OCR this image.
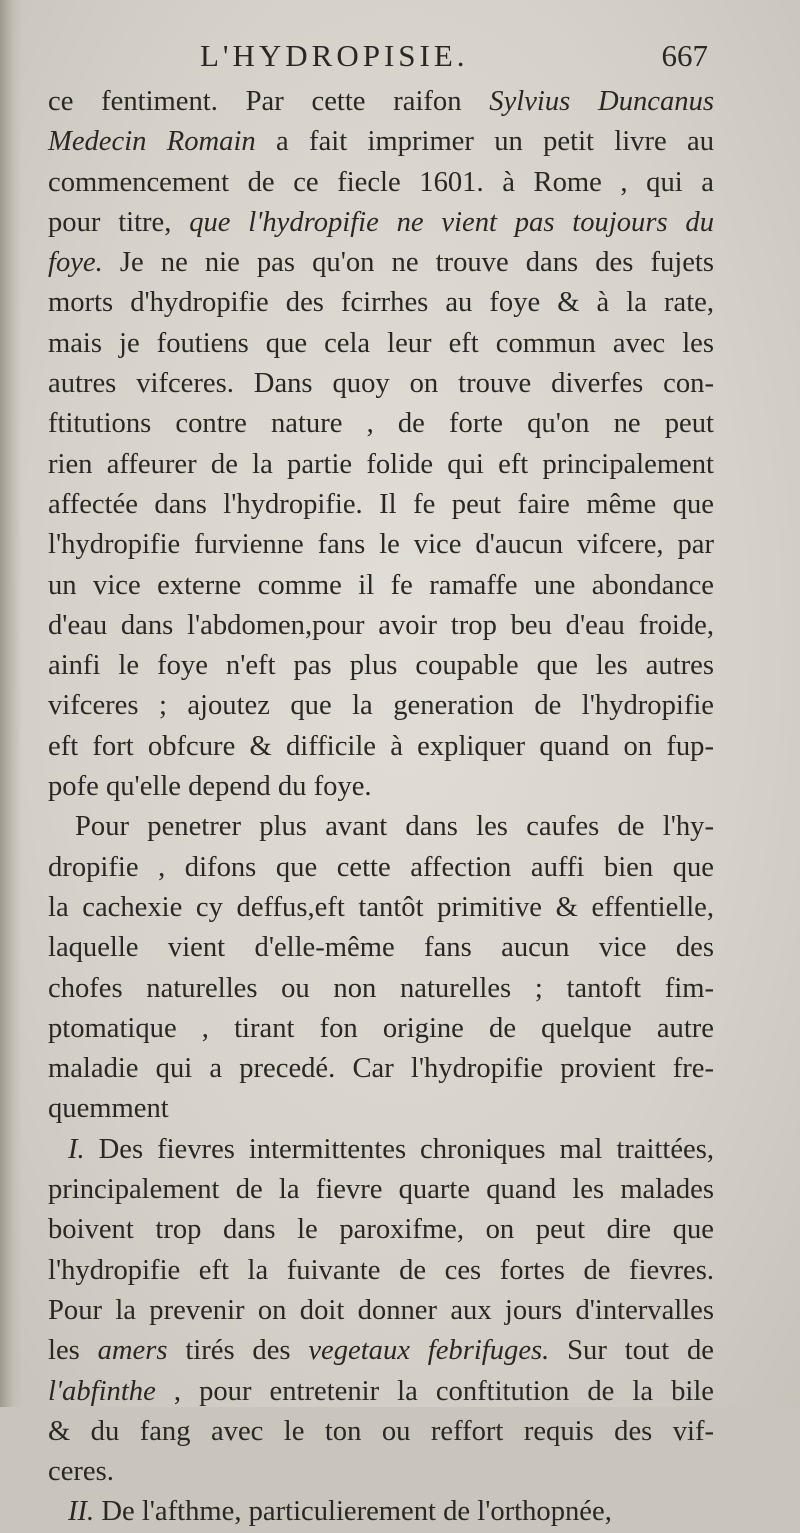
L'HYDROPISIE.	667
ce fentiment. Par cette raifon Sylvius Duncanus
Medecin Romain a fait imprimer un petit livre au
commencement de ce fiecle 1601. à Rome , qui a
pour titre, que l'hydropifie ne vient pas toujours du
foye. Je ne nie pas qu'on ne trouve dans des fujets
morts d'hydropifie des fcirrhes au foye & à la rate,
mais je foutiens que cela leur eft commun avec les
autres vifceres. Dans quoy on trouve diverfes con-
ftitutions contre nature , de forte qu'on ne peut
rien affeurer de la partie folide qui eft principalement
affectée dans l'hydropifie. Il fe peut faire même que
l'hydropifie furvienne fans le vice d'aucun vifcere, par
un vice externe comme il fe ramaffe une abondance
d'eau dans l'abdomen,pour avoir trop beu d'eau froide,
ainfi le foye n'eft pas plus coupable que les autres
vifceres ; ajoutez que la generation de l'hydropifie
eft fort obfcure & difficile à expliquer quand on fup-
pofe qu'elle depend du foye.
Pour penetrer plus avant dans les caufes de l'hy-
dropifie , difons que cette affection auffi bien que
la cachexie cy deffus,eft tantôt primitive & effentielle,
laquelle vient d'elle-même fans aucun vice des
chofes naturelles ou non naturelles ; tantoft fim-
ptomatique , tirant fon origine de quelque autre
maladie qui a precedé. Car l'hydropifie provient fre-
quemment
I. Des fievres intermittentes chroniques mal traittées,
principalement de la fievre quarte quand les malades
boivent trop dans le paroxifme, on peut dire que
l'hydropifie eft la fuivante de ces fortes de fievres.
Pour la prevenir on doit donner aux jours d'intervalles
les amers tirés des vegetaux febrifuges. Sur tout de
l'abfinthe , pour entretenir la conftitution de la bile
& du fang avec le ton ou reffort requis des vif-
ceres.
II. De l'afthme, particulierement de l'orthopnée,
